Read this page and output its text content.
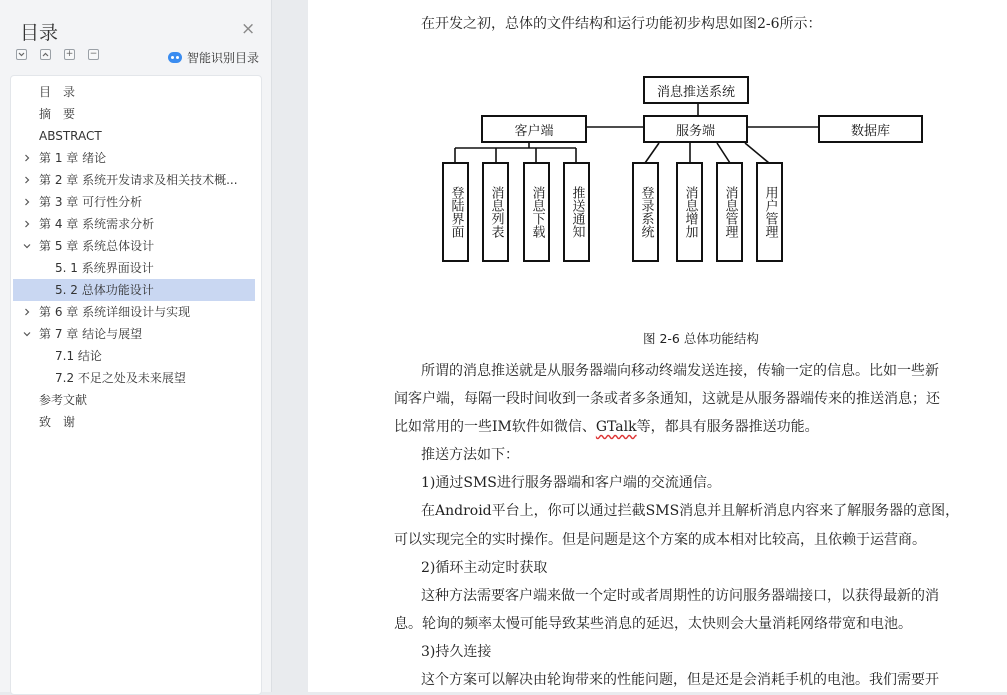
目录	×
+ −	智能识别目录
目　录
摘　要
ABSTRACT
第 1 章 绪论
第 2 章 系统开发请求及相关技术概...
第 3 章 可行性分析
第 4 章 系统需求分析
第 5 章 系统总体设计
5. 1 系统界面设计
5. 2 总体功能设计
第 6 章 系统详细设计与实现
第 7 章 结论与展望
7.1 结论
7.2 不足之处及未来展望
参考文献
致　谢
在开发之初，总体的文件结构和运行功能初步构思如图2-6所示：
消息推送系统
客户端	服务端	数据库
登陆界面	消息列表	消息下载	推送通知	登录系统	消息增加	消息管理	用户管理
图 2-6 总体功能结构
所谓的消息推送就是从服务器端向移动终端发送连接，传输一定的信息。比如一些新
闻客户端，每隔一段时间收到一条或者多条通知，这就是从服务器端传来的推送消息；还
比如常用的一些IM软件如微信、GTalk等，都具有服务器推送功能。
推送方法如下：
1)通过SMS进行服务器端和客户端的交流通信。
在Android平台上，你可以通过拦截SMS消息并且解析消息内容来了解服务器的意图，
可以实现完全的实时操作。但是问题是这个方案的成本相对比较高，且依赖于运营商。
2)循环主动定时获取
这种方法需要客户端来做一个定时或者周期性的访问服务器端接口，以获得最新的消
息。轮询的频率太慢可能导致某些消息的延迟，太快则会大量消耗网络带宽和电池。
3)持久连接
这个方案可以解决由轮询带来的性能问题，但是还是会消耗手机的电池。我们需要开
